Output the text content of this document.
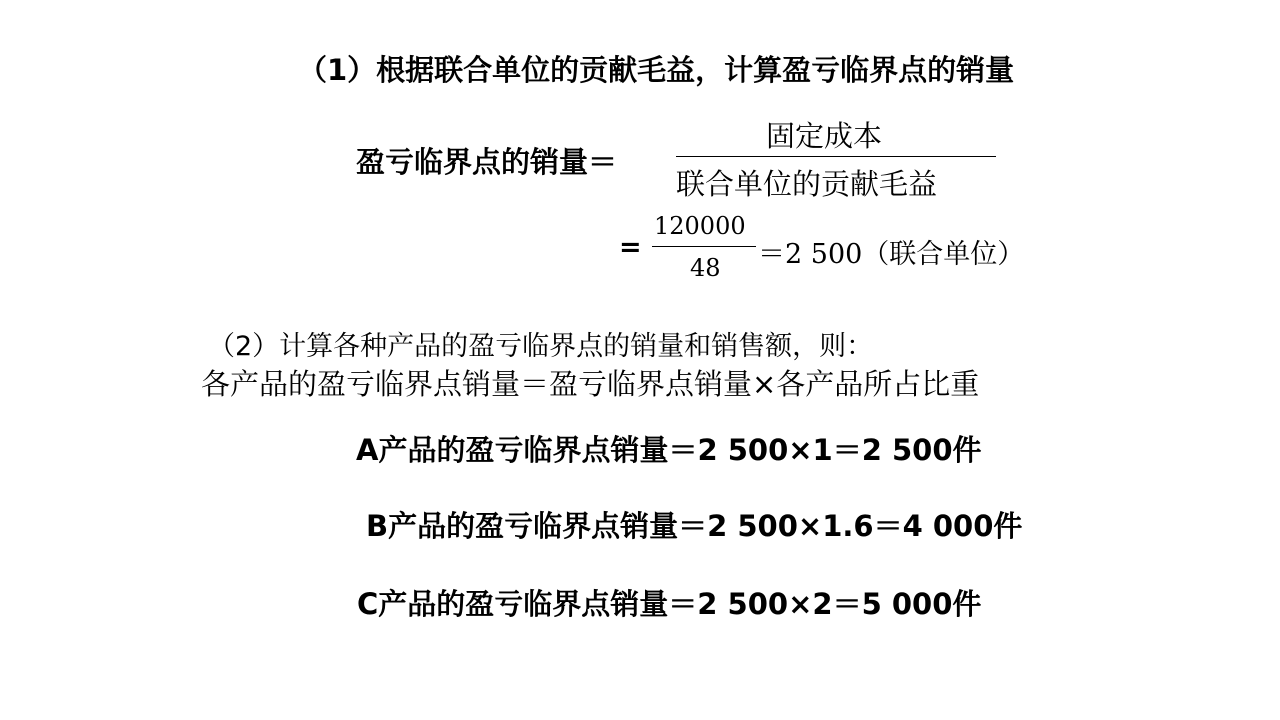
（1）根据联合单位的贡献毛益，计算盈亏临界点的销量
盈亏临界点的销量＝
固定成本
联合单位的贡献毛益
=
120000
48 ＝2 500（联合单位）
（2）计算各种产品的盈亏临界点的销量和销售额，则：
各产品的盈亏临界点销量＝盈亏临界点销量×各产品所占比重
A产品的盈亏临界点销量＝2 500×1＝2 500件
B产品的盈亏临界点销量＝2 500×1.6＝4 000件
C产品的盈亏临界点销量＝2 500×2＝5 000件
